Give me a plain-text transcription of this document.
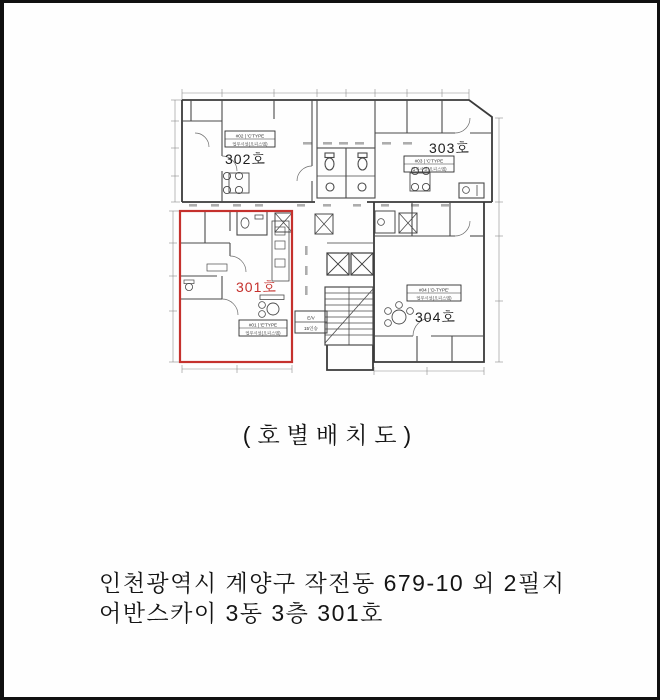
E/V
15인승
#02 | 'C'TYPE
업무시설(오피스텔)
302호
303호
#03 | 'C'TYPE
업무시설(오피스텔)
#04 | 'D-TYPE'
업무시설(오피스텔)
304호
301호
#01 | 'E'TYPE
업무시설(오피스텔)
(호별배치도)
인천광역시 계양구 작전동 679-10 외 2필지
어반스카이 3동 3층 301호
